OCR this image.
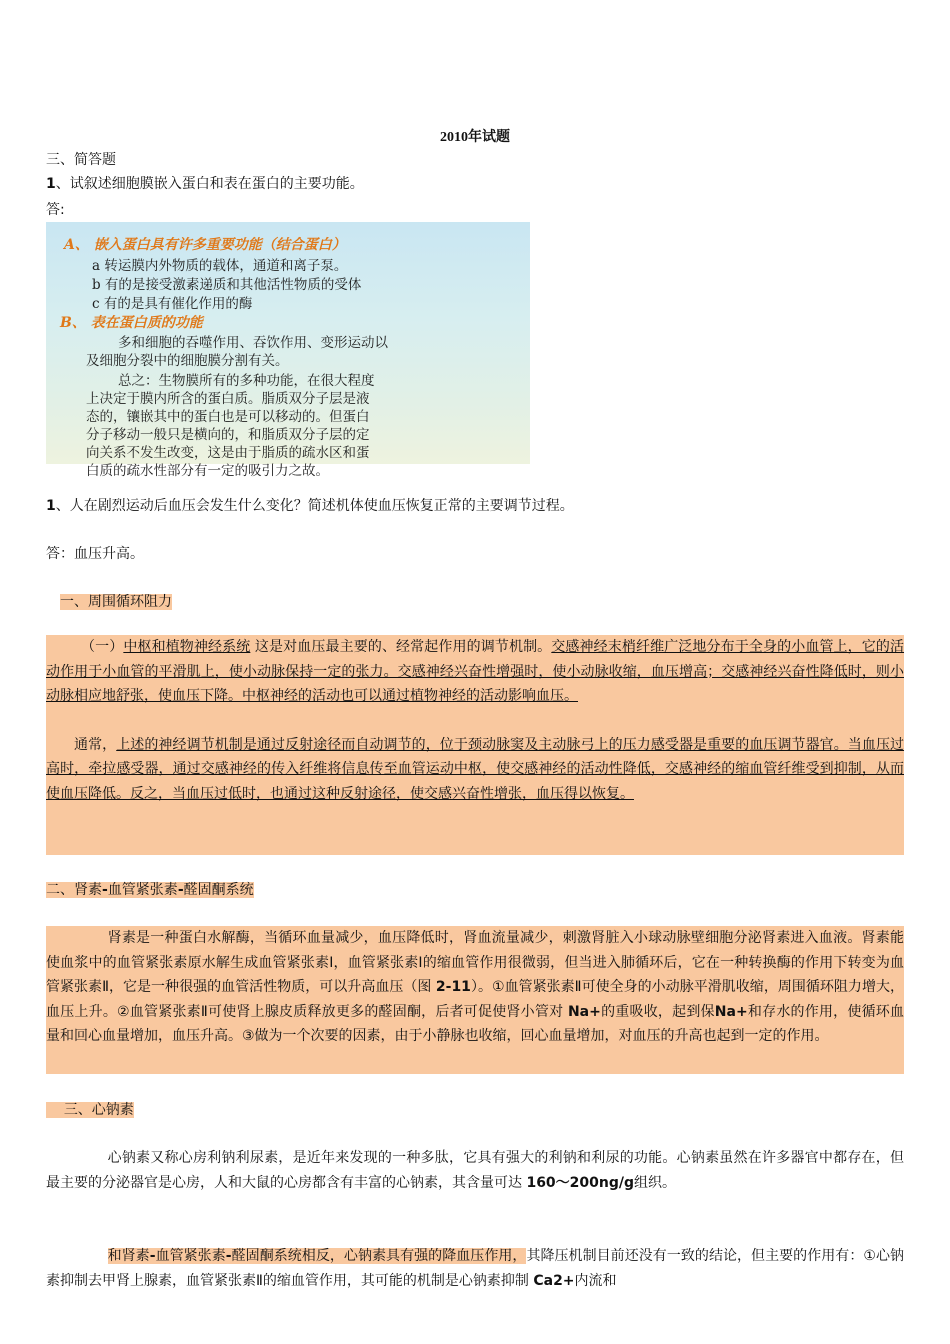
2010年试题
三、简答题
1、试叙述细胞膜嵌入蛋白和表在蛋白的主要功能。
答:
A、 嵌入蛋白具有许多重要功能（结合蛋白）
a 转运膜内外物质的载体，通道和离子泵。
b 有的是接受激素递质和其他活性物质的受体
c 有的是具有催化作用的酶
B、 表在蛋白质的功能
多和细胞的吞噬作用、吞饮作用、变形运动以
及细胞分裂中的细胞膜分割有关。
总之：生物膜所有的多种功能，在很大程度
上决定于膜内所含的蛋白质。脂质双分子层是液
态的，镶嵌其中的蛋白也是可以移动的。但蛋白
分子移动一般只是横向的，和脂质双分子层的定
向关系不发生改变，这是由于脂质的疏水区和蛋
白质的疏水性部分有一定的吸引力之故。
1、人在剧烈运动后血压会发生什么变化？简述机体使血压恢复正常的主要调节过程。
答：血压升高。
一、周围循环阻力

（一）中枢和植物神经系统 这是对血压最主要的、经常起作用的调节机制。交感神经末梢纤维广泛地分布于全身的小血管上，它的活动作用于小血管的平滑肌上，使小动脉保持一定的张力。交感神经兴奋性增强时，使小动脉收缩，血压增高；交感神经兴奋性降低时，则小动脉相应地舒张，使血压下降。中枢神经的活动也可以通过植物神经的活动影响血压。

通常，上述的神经调节机制是通过反射途径而自动调节的，位于颈动脉窦及主动脉弓上的压力感受器是重要的血压调节器官。当血压过高时，牵拉感受器，通过交感神经的传入纤维将信息传至血管运动中枢，使交感神经的活动性降低，交感神经的缩血管纤维受到抑制，从而使血压降低。反之，当血压过低时，也通过这种反射途径，使交感兴奋性增张，血压得以恢复。

二、肾素-血管紧张素-醛固酮系统

肾素是一种蛋白水解酶，当循环血量减少，血压降低时，肾血流量减少，刺激肾脏入小球动脉壁细胞分泌肾素进入血液。肾素能使血浆中的血管紧张素原水解生成血管紧张素Ⅰ，血管紧张素Ⅰ的缩血管作用很微弱，但当进入肺循环后，它在一种转换酶的作用下转变为血管紧张素Ⅱ，它是一种很强的血管活性物质，可以升高血压（图 2-11）。①血管紧张素Ⅱ可使全身的小动脉平滑肌收缩，周围循环阻力增大，血压上升。②血管紧张素Ⅱ可使肾上腺皮质释放更多的醛固酮，后者可促使肾小管对 Na+的重吸收，起到保Na+和存水的作用，使循环血量和回心血量增加，血压升高。③做为一个次要的因素，由于小静脉也收缩，回心血量增加，对血压的升高也起到一定的作用。

三、心钠素

心钠素又称心房利钠利尿素，是近年来发现的一种多肽，它具有强大的利钠和利尿的功能。心钠素虽然在许多器官中都存在，但最主要的分泌器官是心房，人和大鼠的心房都含有丰富的心钠素，其含量可达 160～200ng/g组织。

和肾素-血管紧张素-醛固酮系统相反，心钠素具有强的降血压作用，其降压机制目前还没有一致的结论，但主要的作用有：①心钠素抑制去甲肾上腺素，血管紧张素Ⅱ的缩血管作用，其可能的机制是心钠素抑制 Ca2+内流和
